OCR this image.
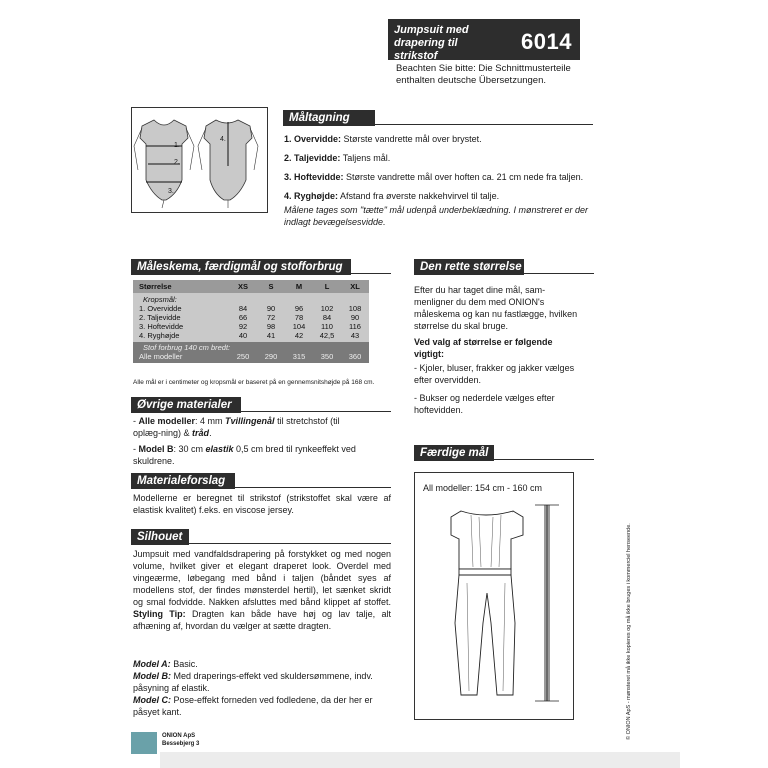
Jumpsuit med drapering til strikstof
6014
Beachten Sie bitte: Die Schnittmusterteile enthalten deutsche Übersetzungen.
Måltagning
1.
2.
3.
4.	1. Overvidde: Største vandrette mål over brystet.
2. Taljevidde: Taljens mål.
3. Hoftevidde: Største vandrette mål over hoften ca. 21 cm nede fra taljen.
4. Ryghøjde: Afstand fra øverste nakkehvirvel til talje.
Målene tages som "tætte" mål udenpå underbeklædning. I mønstreret er der indlagt bevægelsesvidde.
Måleskema, færdigmål og stofforbrug
Størrelse	XS	S	M	L	XL
Kropsmål:
1. Overvidde	84	90	96	102	108
2. Taljevidde	66	72	78	84	90
3. Hoftevidde	92	98	104	110	116
4. Ryghøjde	40	41	42	42,5	43
Stof forbrug 140 cm bredt:
Alle modeller	250	290	315	350	360
Alle mål er i centimeter og kropsmål er baseret på en gennemsnitshøjde på 168 cm.
Øvrige materialer
- Alle modeller: 4 mm Tvillingenål til stretchstof (til oplæg-ning) & tråd.
- Model B: 30 cm elastik 0,5 cm bred til rynkeeffekt ved skuldrene.
Materialeforslag
Modellerne er beregnet til strikstof (strikstoffet skal være af elastisk kvalitet) f.eks. en viscose jersey.
Silhouet
Jumpsuit med vandfaldsdrapering på forstykket og med nogen volume, hvilket giver et elegant draperet look. Overdel med vingeærme, løbegang med bånd i taljen (båndet syes af modellens stof, der findes mønsterdel hertil), let sænket skridt og smal fodvidde. Nakken afsluttes med bånd klippet af stoffet. Styling Tip: Dragten kan både have høj og lav talje, alt afhæning af, hvordan du vælger at sætte dragten.
Model A: Basic.
Model B: Med draperings-effekt ved skuldersømmene, indv. påsyning af elastik.
Model C: Pose-effekt forneden ved fodledene, da der her er påsyet kant.
Den rette størrelse
Efter du har taget dine mål, sam-menligner du dem med ONION's måleskema og kan nu fastlægge, hvilken størrelse du skal bruge.
Ved valg af størrelse er følgende vigtigt:
- Kjoler, bluser, frakker og jakker vælges efter overvidden.
- Bukser og nederdele vælges efter hoftevidden.
Færdige mål
All modeller: 154 cm - 160 cm
© ONION ApS - mønsteret må ikke kopieres og må ikke bruges i kommerciel henseende.
ONION ApS
Bessebjerg 3
